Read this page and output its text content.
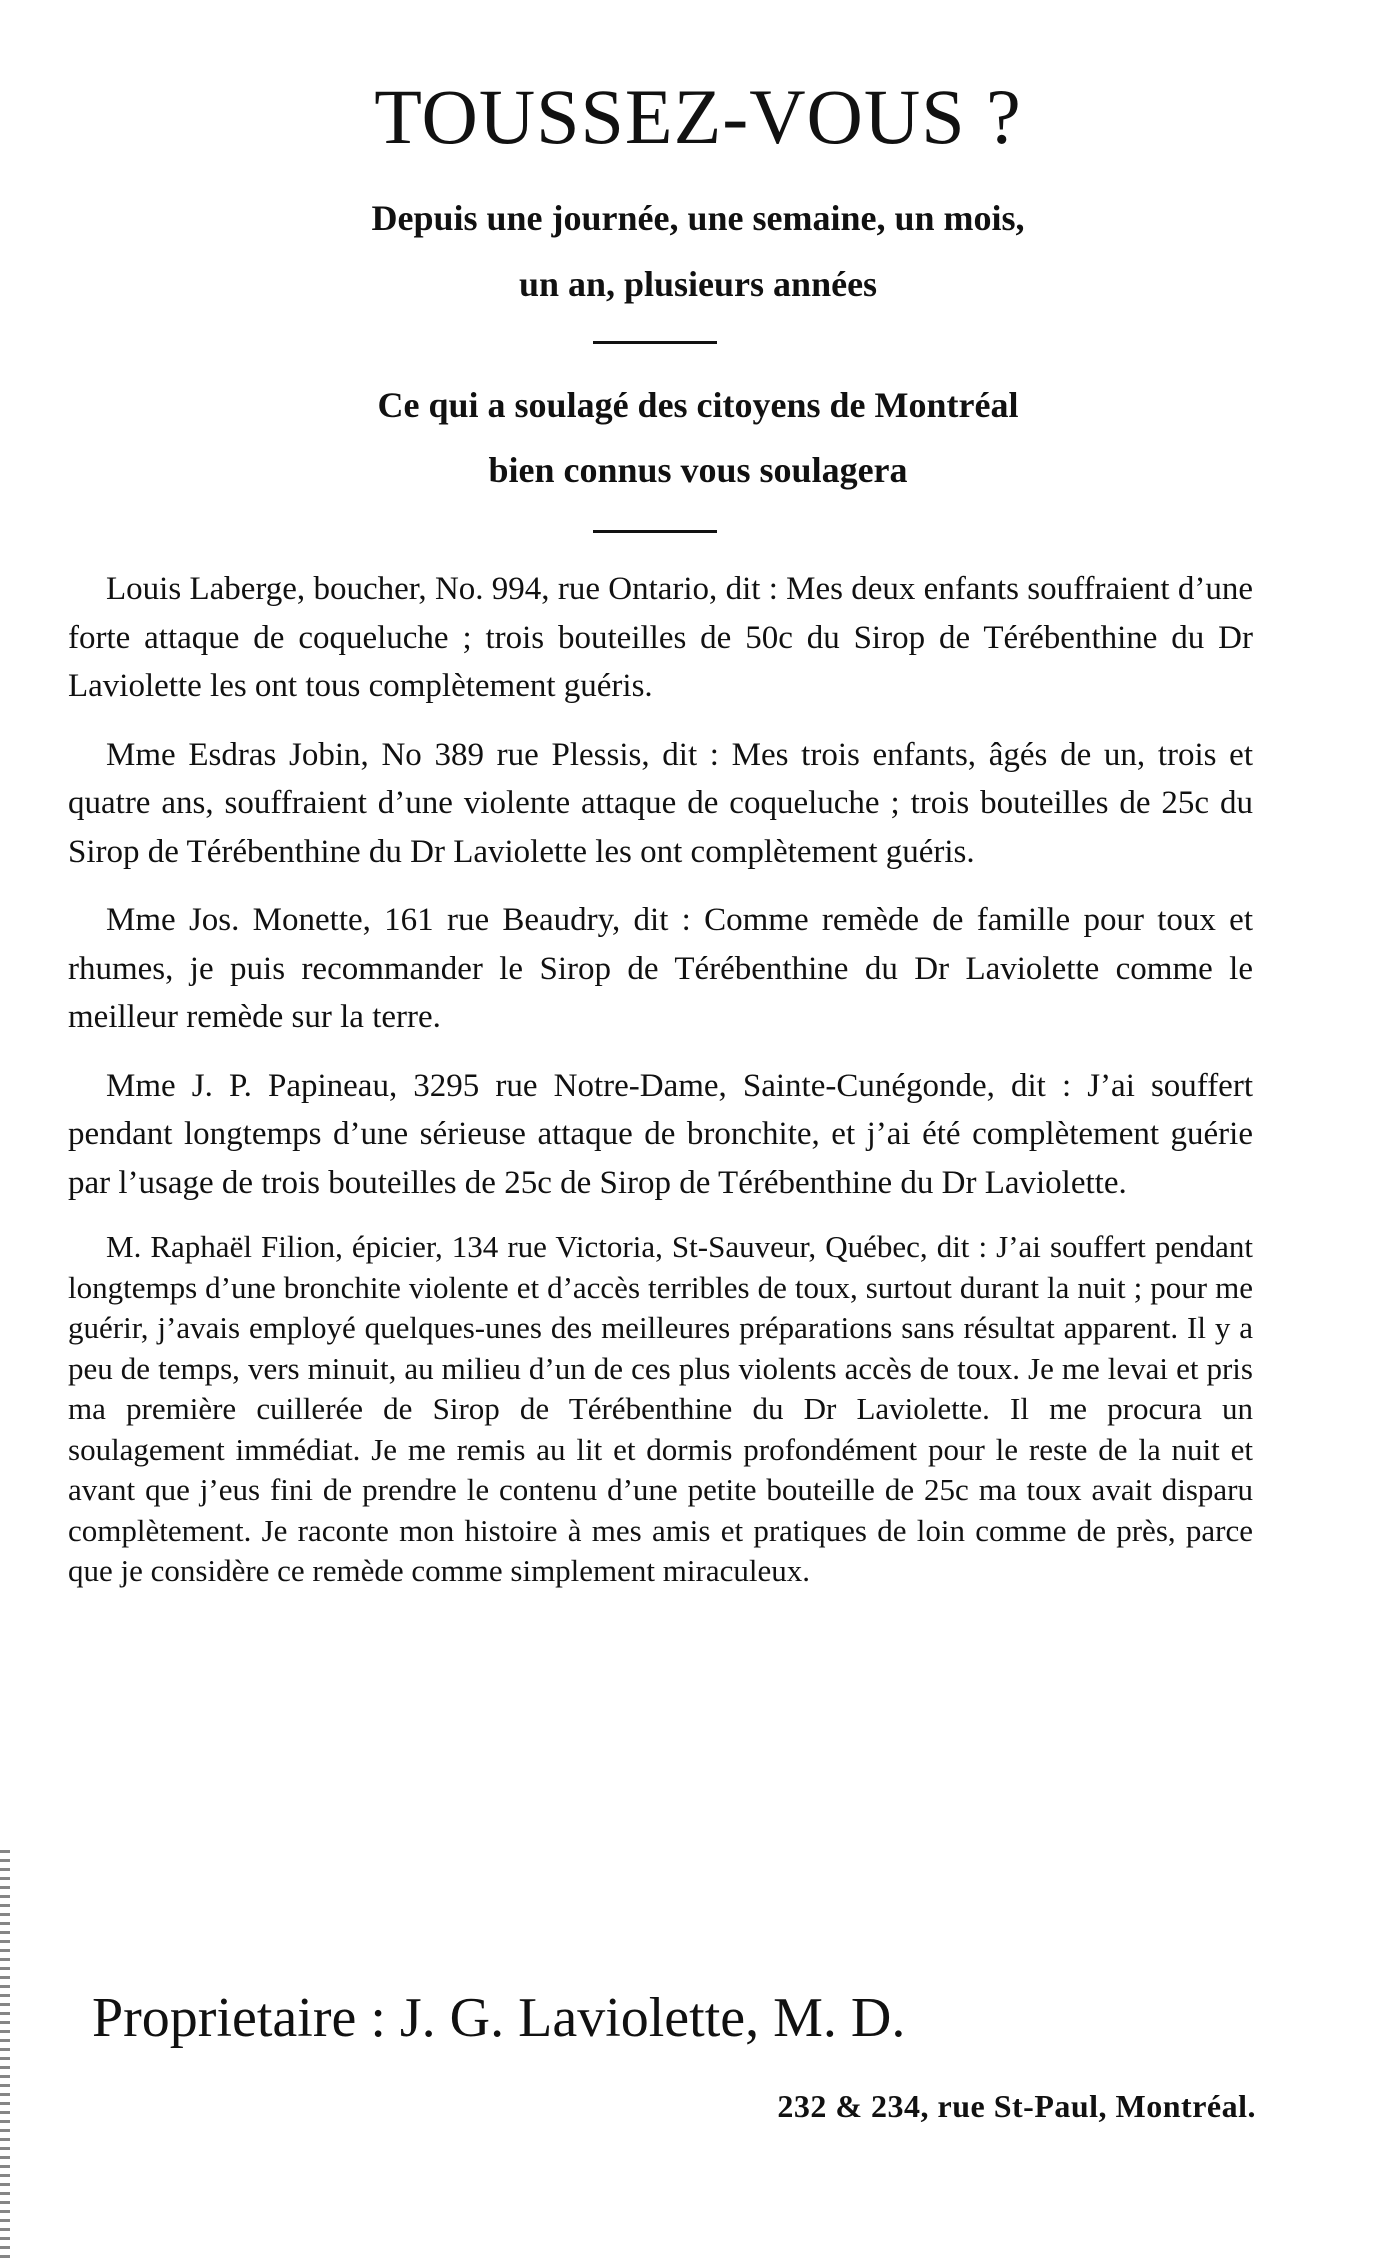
TOUSSEZ-VOUS ?
Depuis une journée, une semaine, un mois,
un an, plusieurs années
Ce qui a soulagé des citoyens de Montréal
bien connus vous soulagera

Louis Laberge, boucher, No. 994, rue Ontario, dit : Mes deux enfants souffraient d’une forte attaque de coqueluche ; trois bouteilles de 50c du Sirop de Térébenthine du Dr Laviolette les ont tous complètement guéris.

Mme Esdras Jobin, No 389 rue Plessis, dit : Mes trois enfants, âgés de un, trois et quatre ans, souffraient d’une violente attaque de coqueluche ; trois bouteilles de 25c du Sirop de Térébenthine du Dr Laviolette les ont complètement guéris.

Mme Jos. Monette, 161 rue Beaudry, dit : Comme remède de famille pour toux et rhumes, je puis recommander le Sirop de Térébenthine du Dr Laviolette comme le meilleur remède sur la terre.

Mme J. P. Papineau, 3295 rue Notre-Dame, Sainte-Cunégonde, dit : J’ai souffert pendant longtemps d’une sérieuse attaque de bronchite, et j’ai été complètement guérie par l’usage de trois bouteilles de 25c de Sirop de Térébenthine du Dr Laviolette.

M. Raphaël Filion, épicier, 134 rue Victoria, St-Sauveur, Québec, dit : J’ai souffert pendant longtemps d’une bronchite violente et d’accès terribles de toux, surtout durant la nuit ; pour me guérir, j’avais employé quelques-unes des meilleures préparations sans résultat apparent. Il y a peu de temps, vers minuit, au milieu d’un de ces plus violents accès de toux. Je me levai et pris ma première cuillerée de Sirop de Térébenthine du Dr Laviolette. Il me procura un soulagement immédiat. Je me remis au lit et dormis profondément pour le reste de la nuit et avant que j’eus fini de prendre le contenu d’une petite bouteille de 25c ma toux avait disparu complètement. Je raconte mon histoire à mes amis et pratiques de loin comme de près, parce que je considère ce remède comme simplement miraculeux.

Proprietaire : J. G. Laviolette, M. D.
232 & 234, rue St-Paul, Montréal.
